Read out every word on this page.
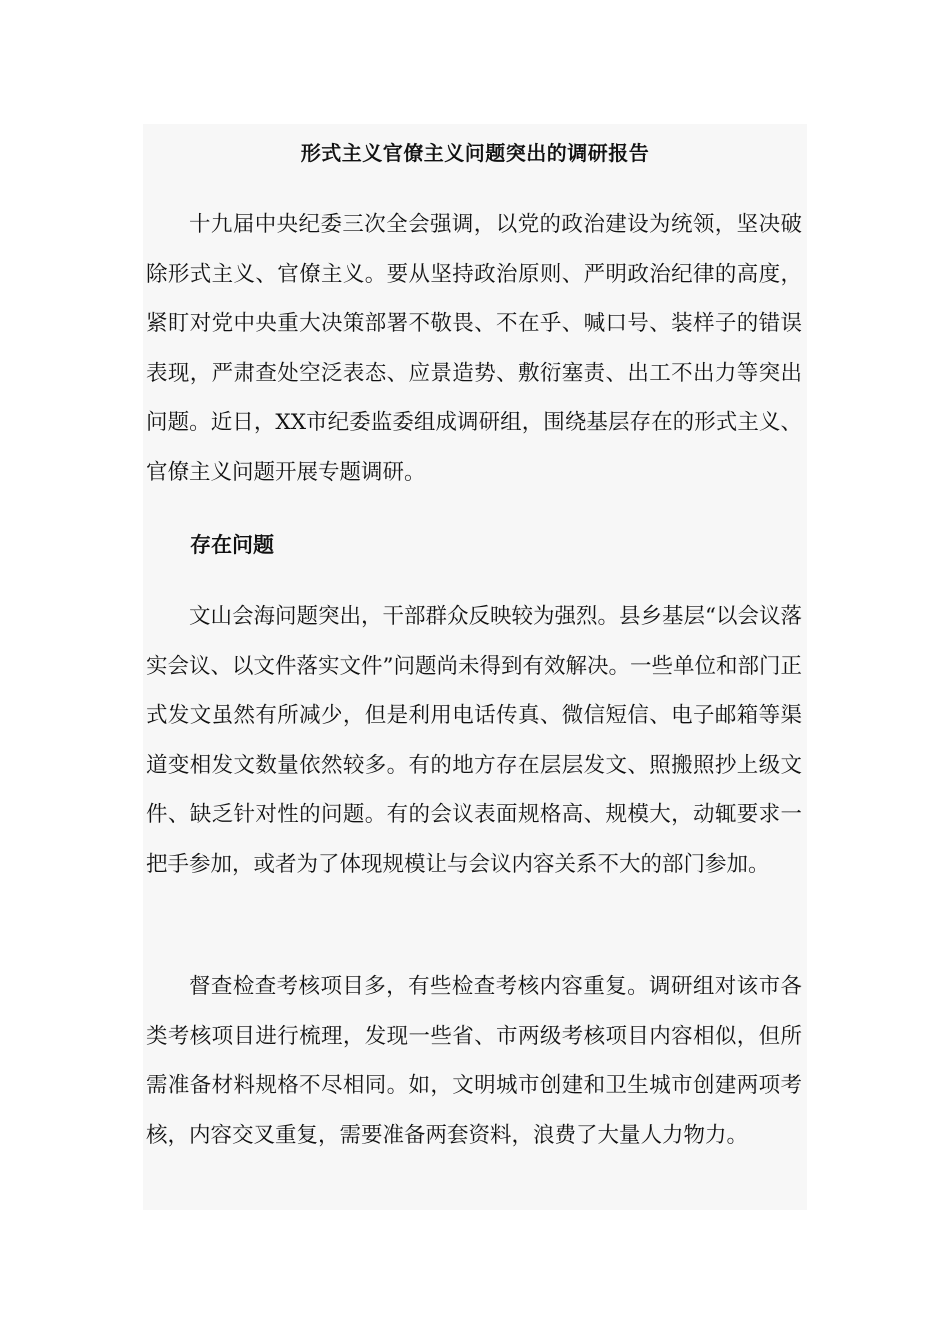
形式主义官僚主义问题突出的调研报告

十九届中央纪委三次全会强调，以党的政治建设为统领，坚决破除形式主义、官僚主义。要从坚持政治原则、严明政治纪律的高度，紧盯对党中央重大决策部署不敬畏、不在乎、喊口号、装样子的错误表现，严肃查处空泛表态、应景造势、敷衍塞责、出工不出力等突出问题。近日，XX市纪委监委组成调研组，围绕基层存在的形式主义、官僚主义问题开展专题调研。

存在问题

文山会海问题突出，干部群众反映较为强烈。县乡基层“以会议落实会议、以文件落实文件”问题尚未得到有效解决。一些单位和部门正式发文虽然有所减少，但是利用电话传真、微信短信、电子邮箱等渠道变相发文数量依然较多。有的地方存在层层发文、照搬照抄上级文件、缺乏针对性的问题。有的会议表面规格高、规模大，动辄要求一把手参加，或者为了体现规模让与会议内容关系不大的部门参加。

督查检查考核项目多，有些检查考核内容重复。调研组对该市各类考核项目进行梳理，发现一些省、市两级考核项目内容相似，但所需准备材料规格不尽相同。如，文明城市创建和卫生城市创建两项考核，内容交叉重复，需要准备两套资料，浪费了大量人力物力。
